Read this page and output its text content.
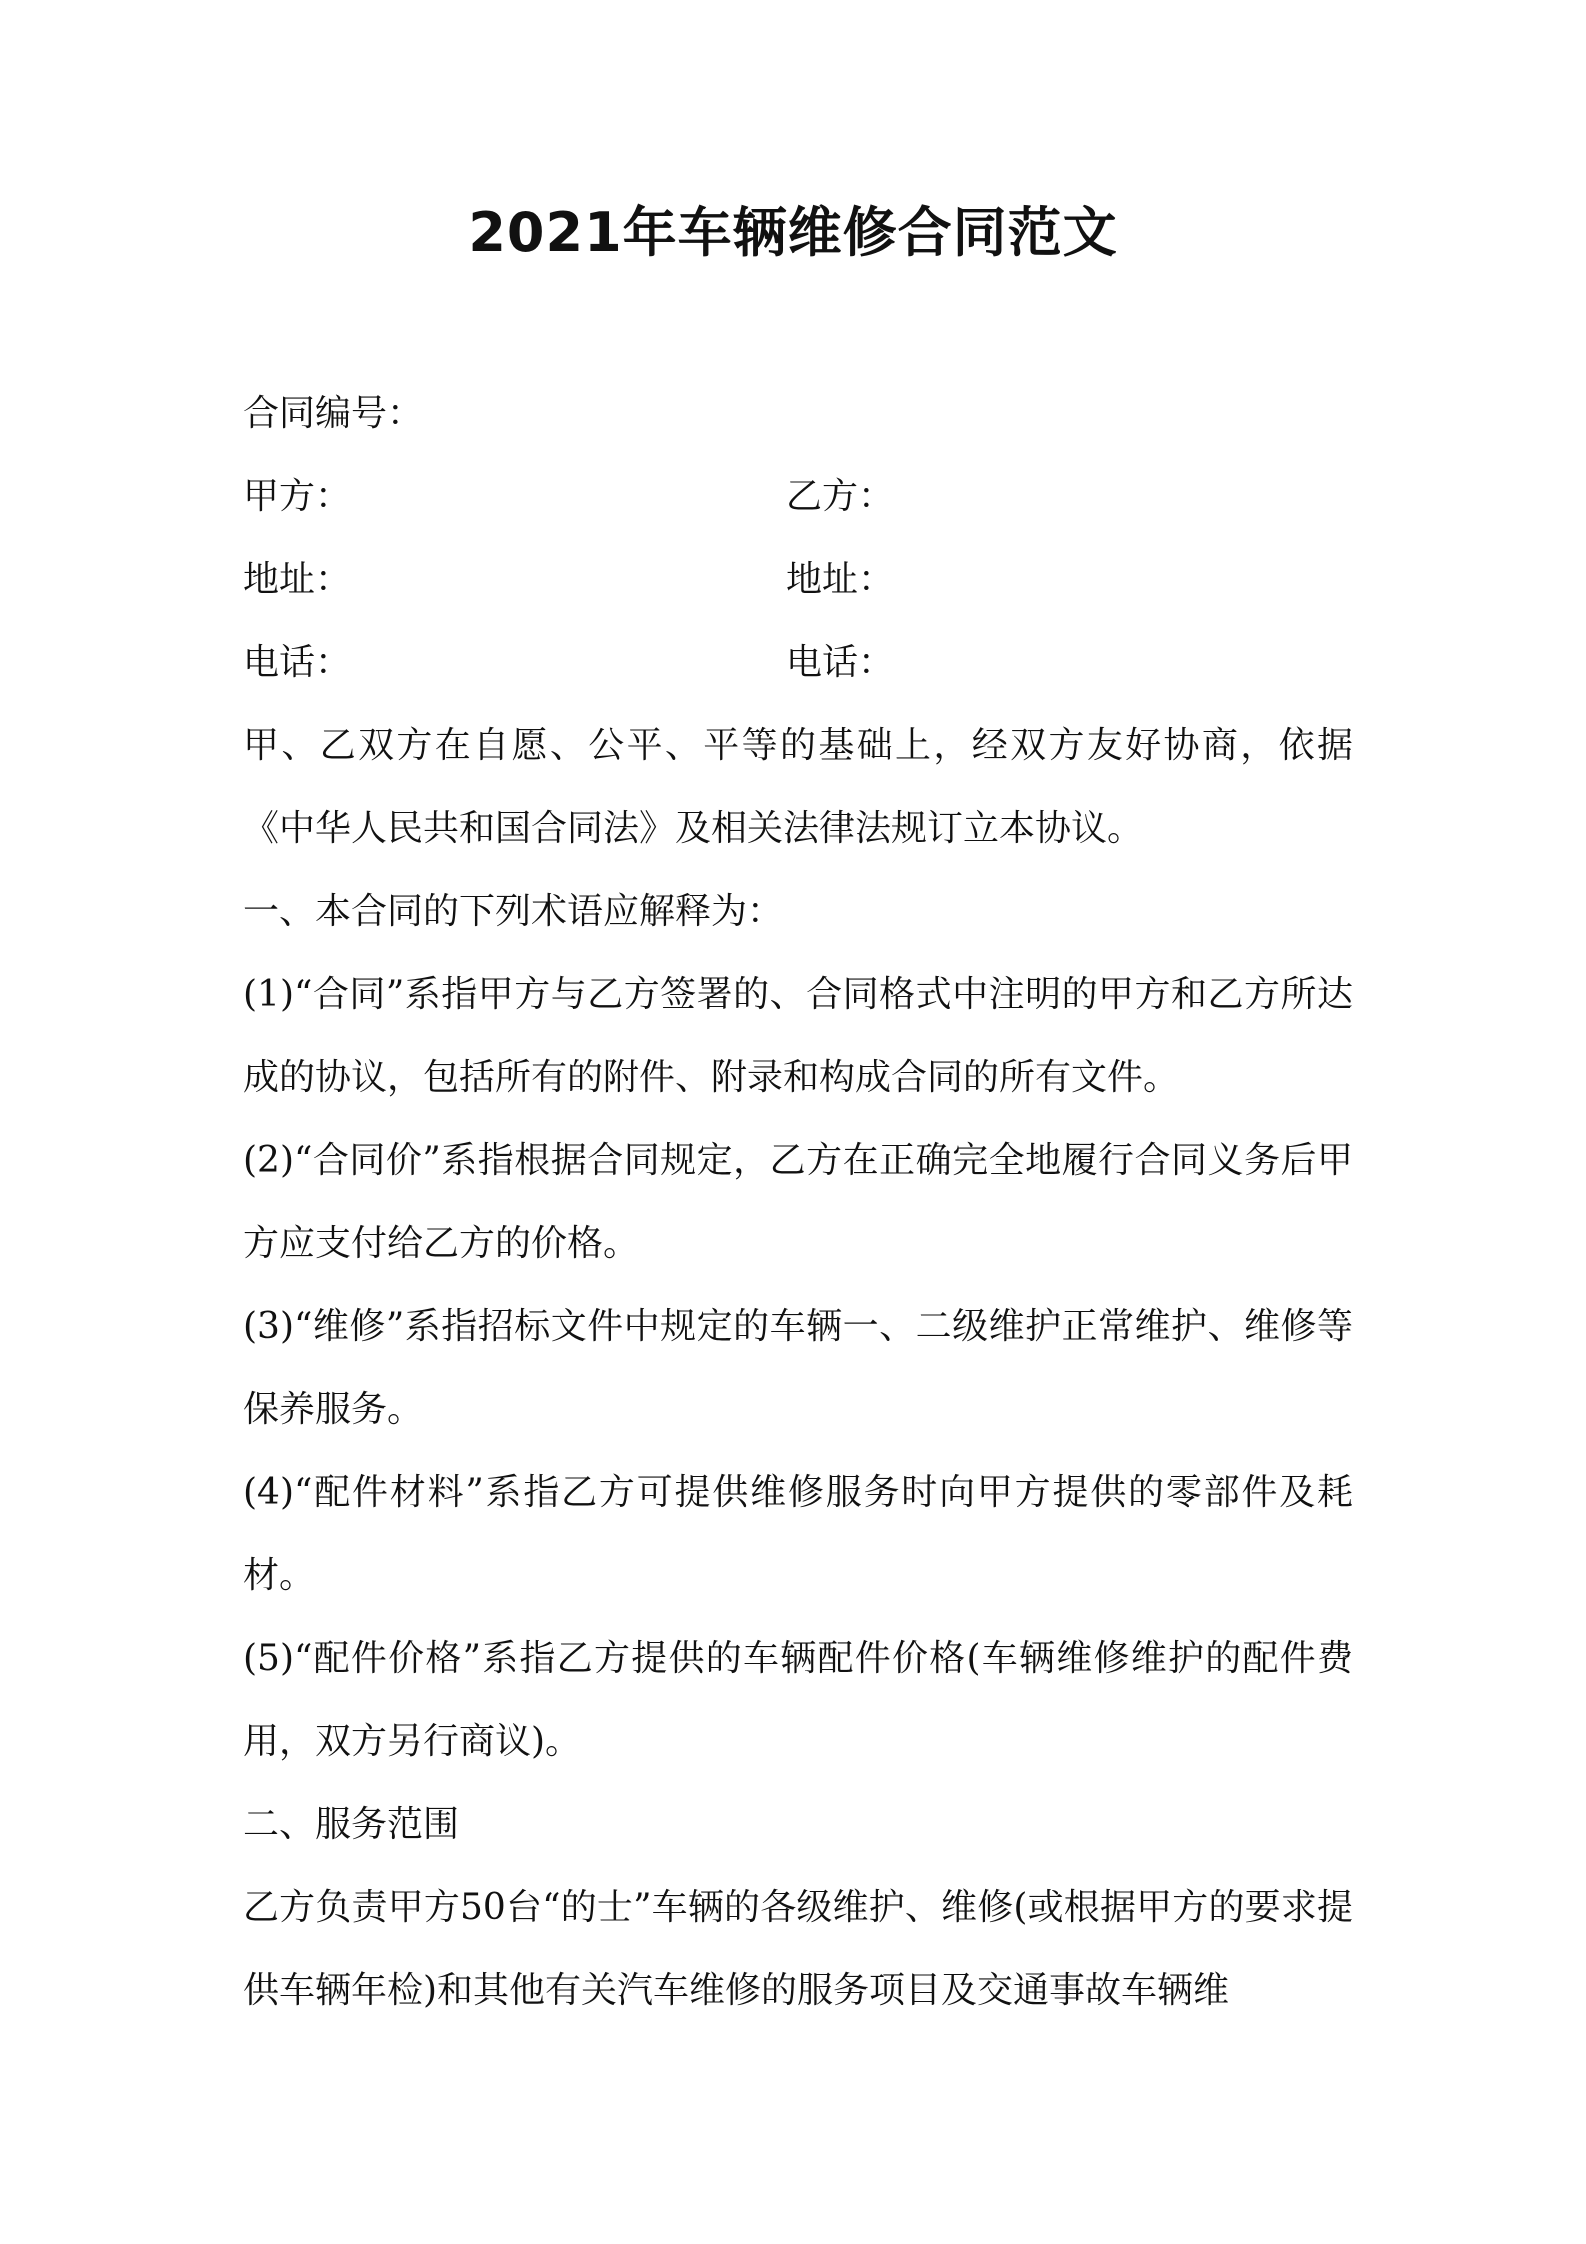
2021年车辆维修合同范文
合同编号：
甲方：	乙方：
地址：	地址：
电话：	电话：
甲、乙双方在自愿、公平、平等的基础上，经双方友好协商，依据《中华人民共和国合同法》及相关法律法规订立本协议。
一、本合同的下列术语应解释为：
(1)“合同”系指甲方与乙方签署的、合同格式中注明的甲方和乙方所达成的协议，包括所有的附件、附录和构成合同的所有文件。
(2)“合同价”系指根据合同规定，乙方在正确完全地履行合同义务后甲方应支付给乙方的价格。
(3)“维修”系指招标文件中规定的车辆一、二级维护正常维护、维修等保养服务。
(4)“配件材料”系指乙方可提供维修服务时向甲方提供的零部件及耗材。
(5)“配件价格”系指乙方提供的车辆配件价格(车辆维修维护的配件费用，双方另行商议)。
二、服务范围
乙方负责甲方50台“的士”车辆的各级维护、维修(或根据甲方的要求提供车辆年检)和其他有关汽车维修的服务项目及交通事故车辆维
